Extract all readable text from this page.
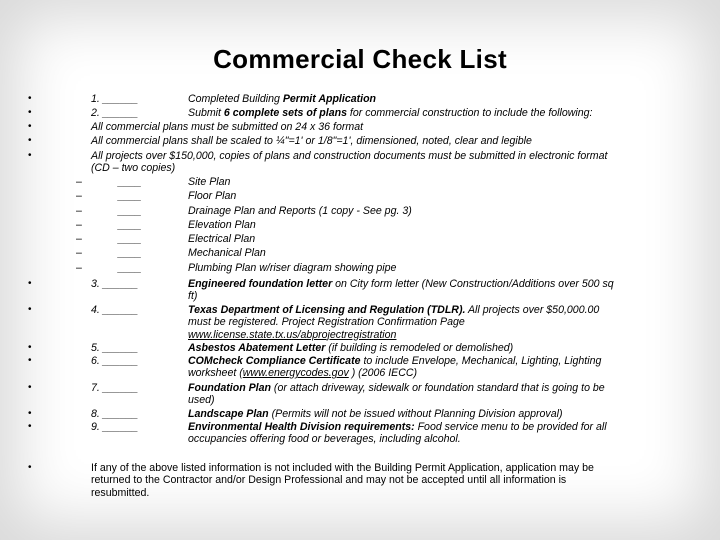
Commercial Check List
•	1. ______	Completed Building Permit Application
•	2. ______	Submit 6 complete sets of plans for commercial construction to include the following:
•	All commercial plans must be submitted on 24 x 36 format
•	All commercial plans shall be scaled to ¼"=1' or 1/8"=1', dimensioned, noted, clear and legible
•	All projects over $150,000, copies of plans and construction documents must be submitted in electronic format
(CD – two copies)
–	____	Site Plan
–	____	Floor Plan
–	____	Drainage Plan and Reports (1 copy - See pg. 3)
–	____	Elevation Plan
–	____	Electrical Plan
–	____	Mechanical Plan
–	____	Plumbing Plan w/riser diagram showing pipe
•	3. ______	Engineered foundation letter on City form letter (New Construction/Additions over 500 sq
ft)
•	4. ______	Texas Department of Licensing and Regulation (TDLR). All projects over $50,000.00
must be registered. Project Registration Confirmation Page
www.license.state.tx.us/abprojectregistration
•	5. ______	Asbestos Abatement Letter (if building is remodeled or demolished)
•	6. ______	COMcheck Compliance Certificate to include Envelope, Mechanical, Lighting, Lighting
worksheet (www.energycodes.gov ) (2006 IECC)
•	7. ______	Foundation Plan (or attach driveway, sidewalk or foundation standard that is going to be
used)
•	8. ______	Landscape Plan (Permits will not be issued without Planning Division approval)
•	9. ______	Environmental Health Division requirements: Food service menu to be provided for all
occupancies offering food or beverages, including alcohol.
•	If any of the above listed information is not included with the Building Permit Application, application may be
returned to the Contractor and/or Design Professional and may not be accepted until all information is
resubmitted.
